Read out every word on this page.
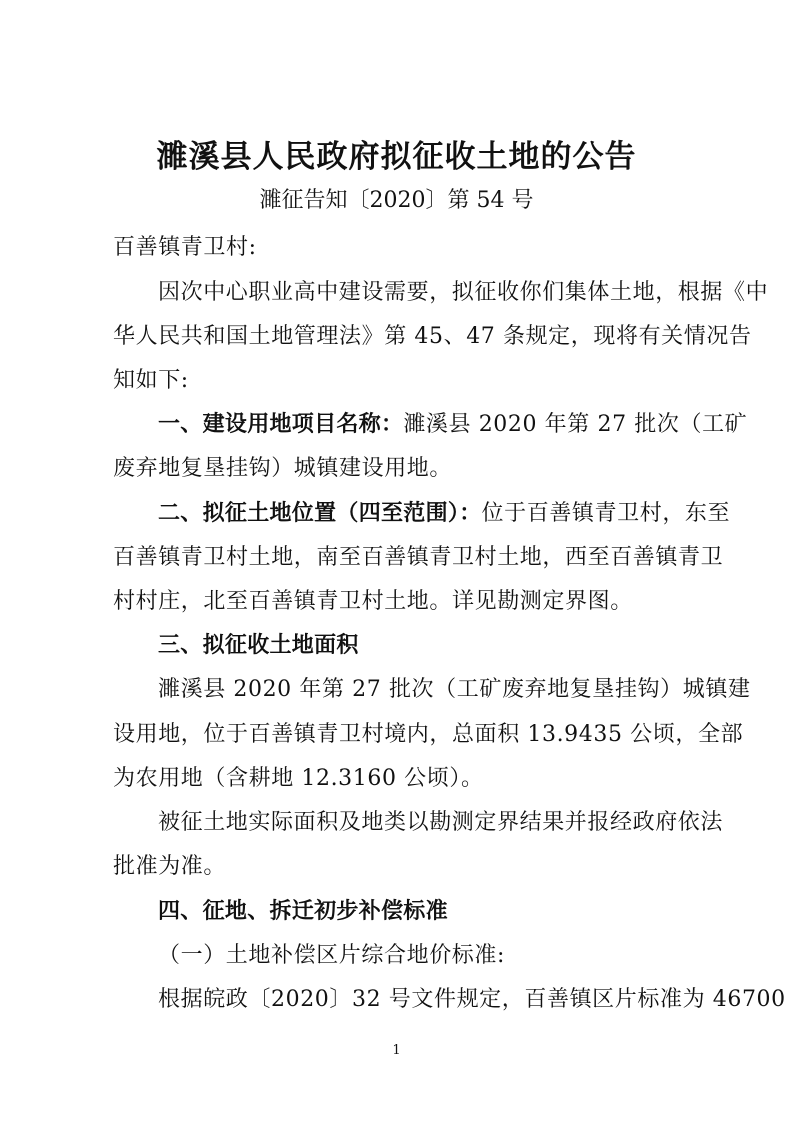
濉溪县人民政府拟征收土地的公告
濉征告知〔2020〕第 54 号
百善镇青卫村:
因次中心职业高中建设需要，拟征收你们集体土地，根据《中
华人民共和国土地管理法》第 45、47 条规定，现将有关情况告
知如下:
一、建设用地项目名称：濉溪县 2020 年第 27 批次（工矿
废弃地复垦挂钩）城镇建设用地。
二、拟征土地位置（四至范围）：位于百善镇青卫村，东至
百善镇青卫村土地，南至百善镇青卫村土地，西至百善镇青卫
村村庄，北至百善镇青卫村土地。详见勘测定界图。
三、拟征收土地面积
濉溪县 2020 年第 27 批次（工矿废弃地复垦挂钩）城镇建
设用地，位于百善镇青卫村境内，总面积 13.9435 公顷，全部
为农用地（含耕地 12.3160 公顷）。
被征土地实际面积及地类以勘测定界结果并报经政府依法
批准为准。
四、征地、拆迁初步补偿标准
（一）土地补偿区片综合地价标准:
根据皖政〔2020〕32 号文件规定，百善镇区片标准为 46700
1
